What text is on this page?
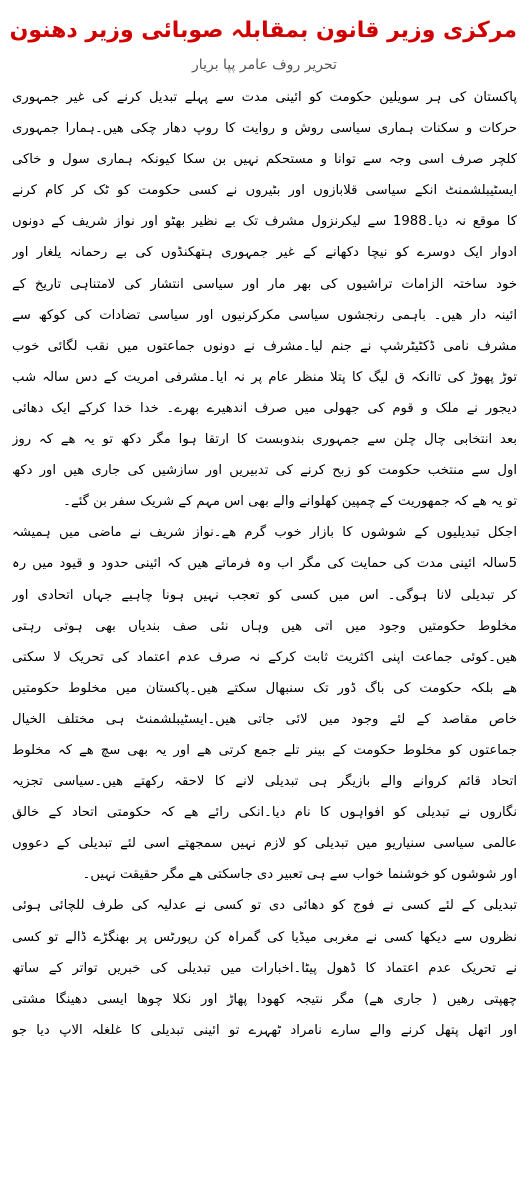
مرکزی وزیر قانون بمقابلہ صوبائی وزیر دھنون
تحریر روف عامر پپا بریار
پاکستان کی ہر سویلین حکومت کو ائینی مدت سے پہلے تبدیل کرنے کی غیر جمہوری
حرکات و سکنات ہماری سیاسی روش و روایت کا روپ دھار چکی ھیں۔ہمارا جمہوری
کلچر صرف اسی وجہ سے توانا و مستحکم نہیں بن سکا کیونکہ ہماری سول و خاکی
ایسٹیبلشمنٹ انکے سیاسی قلابازوں اور بٹیروں نے کسی حکومت کو ٹک کر کام کرنے
کا موقع نہ دیا۔1988 سے لیکرنزول مشرف تک بے نظیر بھٹو اور نواز شریف کے دونوں
ادوار ایک دوسرے کو نیچا دکھانے کے غیر جمہوری ہتھکنڈوں کی بے رحمانہ یلغار اور
خود ساختہ الزامات تراشیوں کی بھر مار اور سیاسی انتشار کی لامتناہی تاریخ کے
ائینہ دار ھیں۔ باہمی رنجشوں سیاسی مکرکرنیوں اور سیاسی تضادات کی کوکھ سے
مشرف نامی ڈکٹیٹرشپ نے جنم لیا۔مشرف نے دونوں جماعتوں میں نقب لگائی خوب
توڑ پھوڑ کی تاانکہ ق لیگ کا پتلا منظر عام پر نہ ایا۔مشرفی امریت کے دس سالہ شب
دیجور نے ملک و قوم کی جھولی میں صرف اندھیرے بھرے۔ خدا خدا کرکے ایک دھائی
بعد انتخابی چال چلن سے جمہوری بندوبست کا ارتقا ہوا مگر دکھ تو یہ ھے کہ روز
اول سے منتخب حکومت کو زبح کرنے کی تدبیریں اور سازشیں کی جاری ھیں اور دکھ
تو یہ ھے کہ جمھوریت کے چمپین کھلوانے والے بھی اس مہم کے شریک سفر بن گئے۔
اجکل تبدیلیوں کے شوشوں کا بازار خوب گرم ھے۔نواز شریف نے ماضی میں ہمیشہ
5سالہ ائینی مدت کی حمایت کی مگر اب وہ فرماتے ھیں کہ ائینی حدود و قیود میں رہ
کر تبدیلی لانا ہوگی۔ اس میں کسی کو تعجب نہیں ہونا چاہیے جہاں اتحادی اور
مخلوط حکومتیں وجود میں اتی ھیں وہاں نئی صف بندیاں بھی ہوتی رہتی
ھیں۔کوئی جماعت اپنی اکثریت ثابت کرکے نہ صرف عدم اعتماد کی تحریک لا سکتی
ھے بلکہ حکومت کی باگ ڈور تک سنبھال سکتے ھیں۔پاکستان میں مخلوط حکومتیں
خاص مقاصد کے لئے وجود میں لائی جاتی ھیں۔ایسٹیبلشمنٹ ہی مختلف الخیال
جماعتوں کو مخلوط حکومت کے بینر تلے جمع کرتی ھے اور یہ بھی سچ ھے کہ مخلوط
اتحاد قائم کروانے والے بازیگر ہی تبدیلی لانے کا لاحقہ رکھتے ھیں۔سیاسی تجزیہ
نگاروں نے تبدیلی کو افواہوں کا نام دیا۔انکی رائے ھے کہ حکومتی اتحاد کے خالق
عالمی سیاسی سنیاریو میں تبدیلی کو لازم نہیں سمجھتے اسی لئے تبدیلی کے دعووں
اور شوشوں کو خوشنما خواب سے ہی تعبیر دی جاسکتی ھے مگر حقیقت نہیں۔
تبدیلی کے لئے کسی نے فوج کو دھائی دی تو کسی نے عدلیہ کی طرف للچائی ہوئی
نظروں سے دیکھا کسی نے مغربی میڈیا کی گمراہ کن رپورٹس پر بھنگڑے ڈالے تو کسی
نے تحریک عدم اعتماد کا ڈھول پیٹا۔اخبارات میں تبدیلی کی خبریں تواتر کے ساتھ
چھپتی رھیں ( جاری ھے) مگر نتیجہ کھودا پھاڑ اور نکلا چوھا ایسی دھینگا مشتی
اور اتھل پتھل کرنے والے سارے نامراد ٹھہرے تو ائینی تبدیلی کا غلغلہ الاپ دیا جو
